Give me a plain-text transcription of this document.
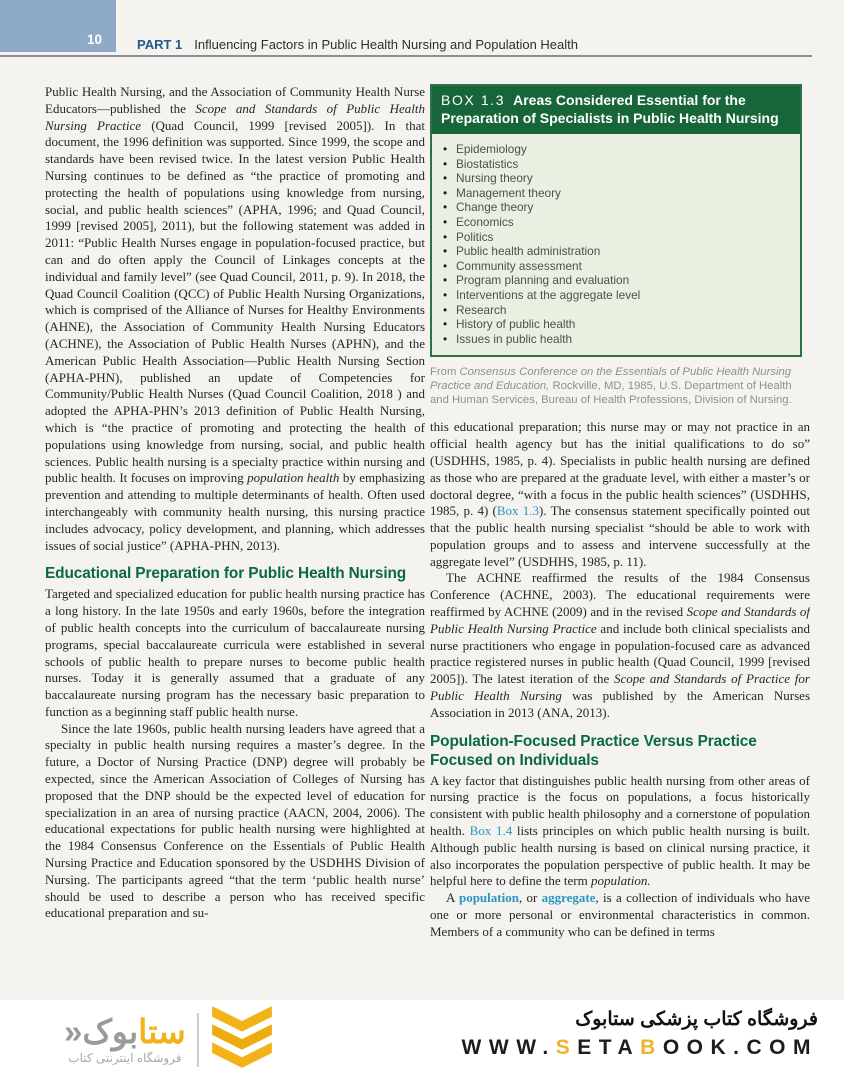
10	PART 1 Influencing Factors in Public Health Nursing and Population Health

Public Health Nursing, and the Association of Community Health Nurse Educators—published the Scope and Standards of Public Health Nursing Practice (Quad Council, 1999 [revised 2005]). In that document, the 1996 definition was supported. Since 1999, the scope and standards have been revised twice. In the latest version Public Health Nursing continues to be defined as “the practice of promoting and protecting the health of populations using knowledge from nursing, social, and public health sciences” (APHA, 1996; and Quad Council, 1999 [revised 2005], 2011), but the following statement was added in 2011: “Public Health Nurses engage in population-focused practice, but can and do often apply the Council of Linkages concepts at the individual and family level” (see Quad Council, 2011, p. 9). In 2018, the Quad Council Coalition (QCC) of Public Health Nursing Organizations, which is comprised of the Alliance of Nurses for Healthy Environments (AHNE), the Association of Community Health Nursing Educators (ACHNE), the Association of Public Health Nurses (APHN), and the American Public Health Association—Public Health Nursing Section (APHA-PHN), published an update of Competencies for Community/Public Health Nurses (Quad Council Coalition, 2018 ) and adopted the APHA-PHN’s 2013 definition of Public Health Nursing, which is “the practice of promoting and protecting the health of populations using knowledge from nursing, social, and public health sciences. Public health nursing is a specialty practice within nursing and public health. It focuses on improving population health by emphasizing prevention and attending to multiple determinants of health. Often used interchangeably with community health nursing, this nursing practice includes advocacy, policy development, and planning, which addresses issues of social justice” (APHA-PHN, 2013).

Educational Preparation for Public Health Nursing

Targeted and specialized education for public health nursing practice has a long history. In the late 1950s and early 1960s, before the integration of public health concepts into the curriculum of baccalaureate nursing programs, special baccalaureate curricula were established in several schools of public health to prepare nurses to become public health nurses. Today it is generally assumed that a graduate of any baccalaureate nursing program has the necessary basic preparation to function as a beginning staff public health nurse.

Since the late 1960s, public health nursing leaders have agreed that a specialty in public health nursing requires a master’s degree. In the future, a Doctor of Nursing Practice (DNP) degree will probably be expected, since the American Association of Colleges of Nursing has proposed that the DNP should be the expected level of education for specialization in an area of nursing practice (AACN, 2004, 2006). The educational expectations for public health nursing were highlighted at the 1984 Consensus Conference on the Essentials of Public Health Nursing Practice and Education sponsored by the USDHHS Division of Nursing. The participants agreed “that the term ‘public health nurse’ should be used to describe a person who has received specific educational preparation and su-

BOX 1.3 Areas Considered Essential for the Preparation of Specialists in Public Health Nursing
• Epidemiology
• Biostatistics
• Nursing theory
• Management theory
• Change theory
• Economics
• Politics
• Public health administration
• Community assessment
• Program planning and evaluation
• Interventions at the aggregate level
• Research
• History of public health
• Issues in public health

From Consensus Conference on the Essentials of Public Health Nursing Practice and Education, Rockville, MD, 1985, U.S. Department of Health and Human Services, Bureau of Health Professions, Division of Nursing.

this educational preparation; this nurse may or may not practice in an official health agency but has the initial qualifications to do so” (USDHHS, 1985, p. 4). Specialists in public health nursing are defined as those who are prepared at the graduate level, with either a master’s or doctoral degree, “with a focus in the public health sciences” (USDHHS, 1985, p. 4) (Box 1.3). The consensus statement specifically pointed out that the public health nursing specialist “should be able to work with population groups and to assess and intervene successfully at the aggregate level” (USDHHS, 1985, p. 11).

The ACHNE reaffirmed the results of the 1984 Consensus Conference (ACHNE, 2003). The educational requirements were reaffirmed by ACHNE (2009) and in the revised Scope and Standards of Public Health Nursing Practice and include both clinical specialists and nurse practitioners who engage in population-focused care as advanced practice registered nurses in public health (Quad Council, 1999 [revised 2005]). The latest iteration of the Scope and Standards of Practice for Public Health Nursing was published by the American Nurses Association in 2013 (ANA, 2013).

Population-Focused Practice Versus Practice Focused on Individuals

A key factor that distinguishes public health nursing from other areas of nursing practice is the focus on populations, a focus historically consistent with public health philosophy and a cornerstone of population health. Box 1.4 lists principles on which public health nursing is built. Although public health nursing is based on clinical nursing practice, it also incorporates the population perspective of public health. It may be helpful here to define the term population.

A population, or aggregate, is a collection of individuals who have one or more personal or environmental characteristics in common. Members of a community who can be defined in terms

ستابوک«
فروشگاه اینترنتی کتاب
فروشگاه کتاب پزشکی ستابوک
WWW.SETABOOK.COM
